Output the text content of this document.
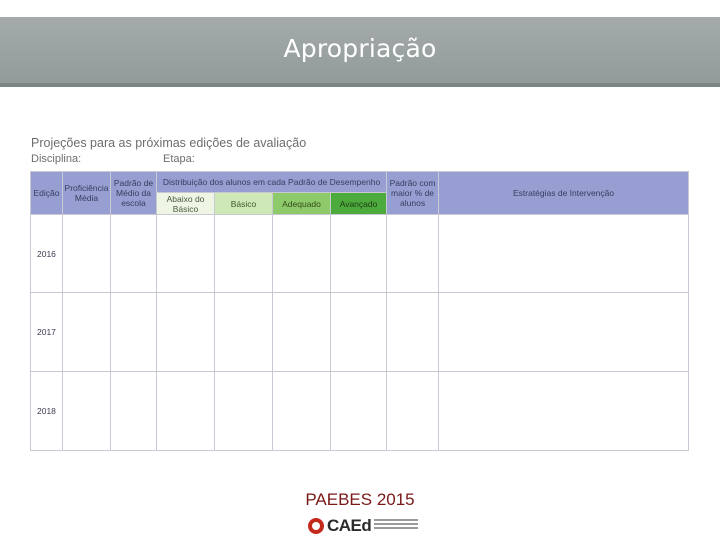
Apropriação
Projeções para as próximas edições de avaliação
Disciplina:	Etapa:
Edição	Proficiência Média	Padrão de Médio da escola	Distribuição dos alunos em cada Padrão de Desempenho				Padrão com maior % de alunos	Estratégias de Intervenção
			Abaixo do Básico	Básico	Adequado	Avançado		
2016								
2017								
2018								
PAEBES 2015
CAEd
